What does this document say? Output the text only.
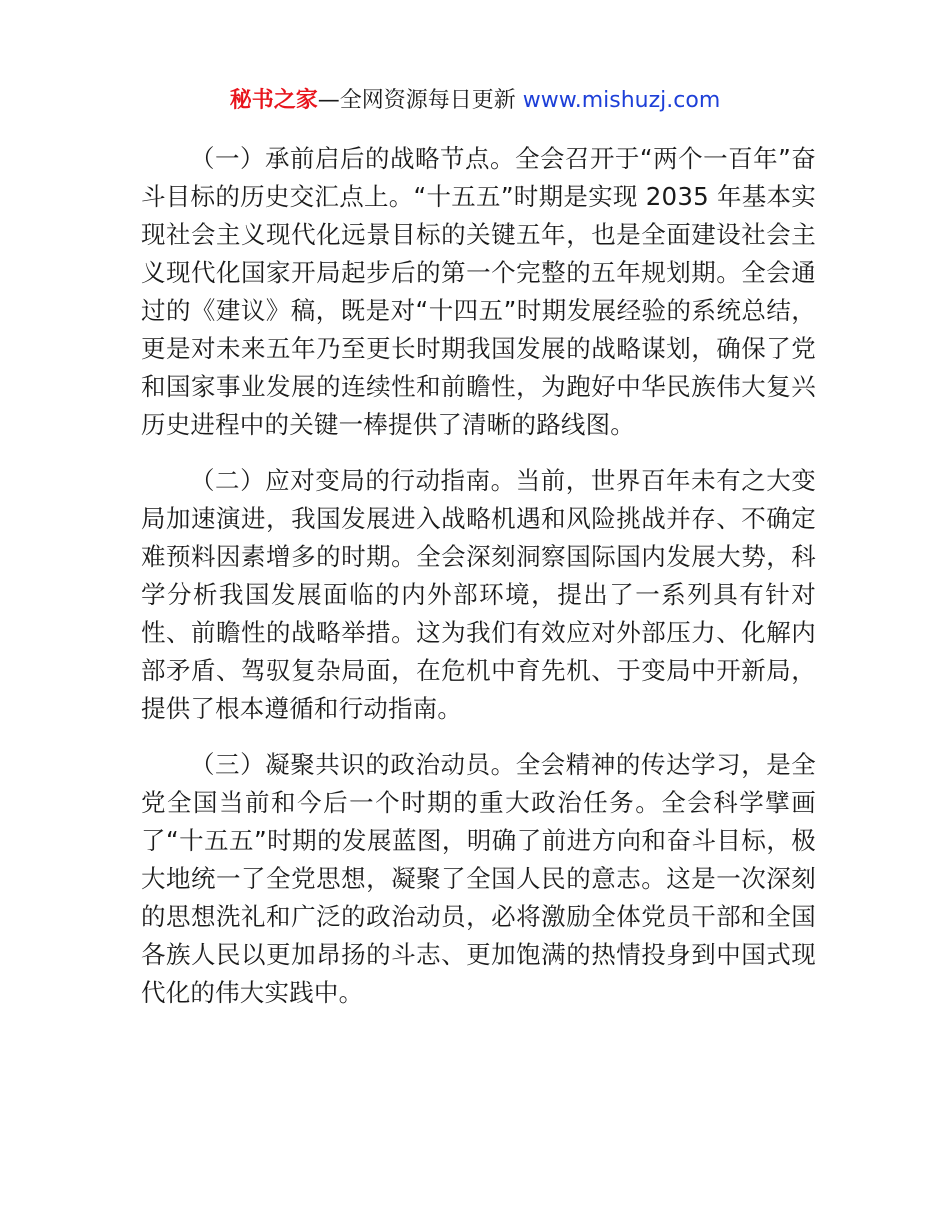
秘书之家—全网资源每日更新 www.mishuzj.com

（一）承前启后的战略节点。全会召开于“两个一百年”奋斗目标的历史交汇点上。“十五五”时期是实现 2035 年基本实现社会主义现代化远景目标的关键五年，也是全面建设社会主义现代化国家开局起步后的第一个完整的五年规划期。全会通过的《建议》稿，既是对“十四五”时期发展经验的系统总结，更是对未来五年乃至更长时期我国发展的战略谋划，确保了党和国家事业发展的连续性和前瞻性，为跑好中华民族伟大复兴历史进程中的关键一棒提供了清晰的路线图。

（二）应对变局的行动指南。当前，世界百年未有之大变局加速演进，我国发展进入战略机遇和风险挑战并存、不确定难预料因素增多的时期。全会深刻洞察国际国内发展大势，科学分析我国发展面临的内外部环境，提出了一系列具有针对性、前瞻性的战略举措。这为我们有效应对外部压力、化解内部矛盾、驾驭复杂局面，在危机中育先机、于变局中开新局，提供了根本遵循和行动指南。

（三）凝聚共识的政治动员。全会精神的传达学习，是全党全国当前和今后一个时期的重大政治任务。全会科学擘画了“十五五”时期的发展蓝图，明确了前进方向和奋斗目标，极大地统一了全党思想，凝聚了全国人民的意志。这是一次深刻的思想洗礼和广泛的政治动员，必将激励全体党员干部和全国各族人民以更加昂扬的斗志、更加饱满的热情投身到中国式现代化的伟大实践中。
